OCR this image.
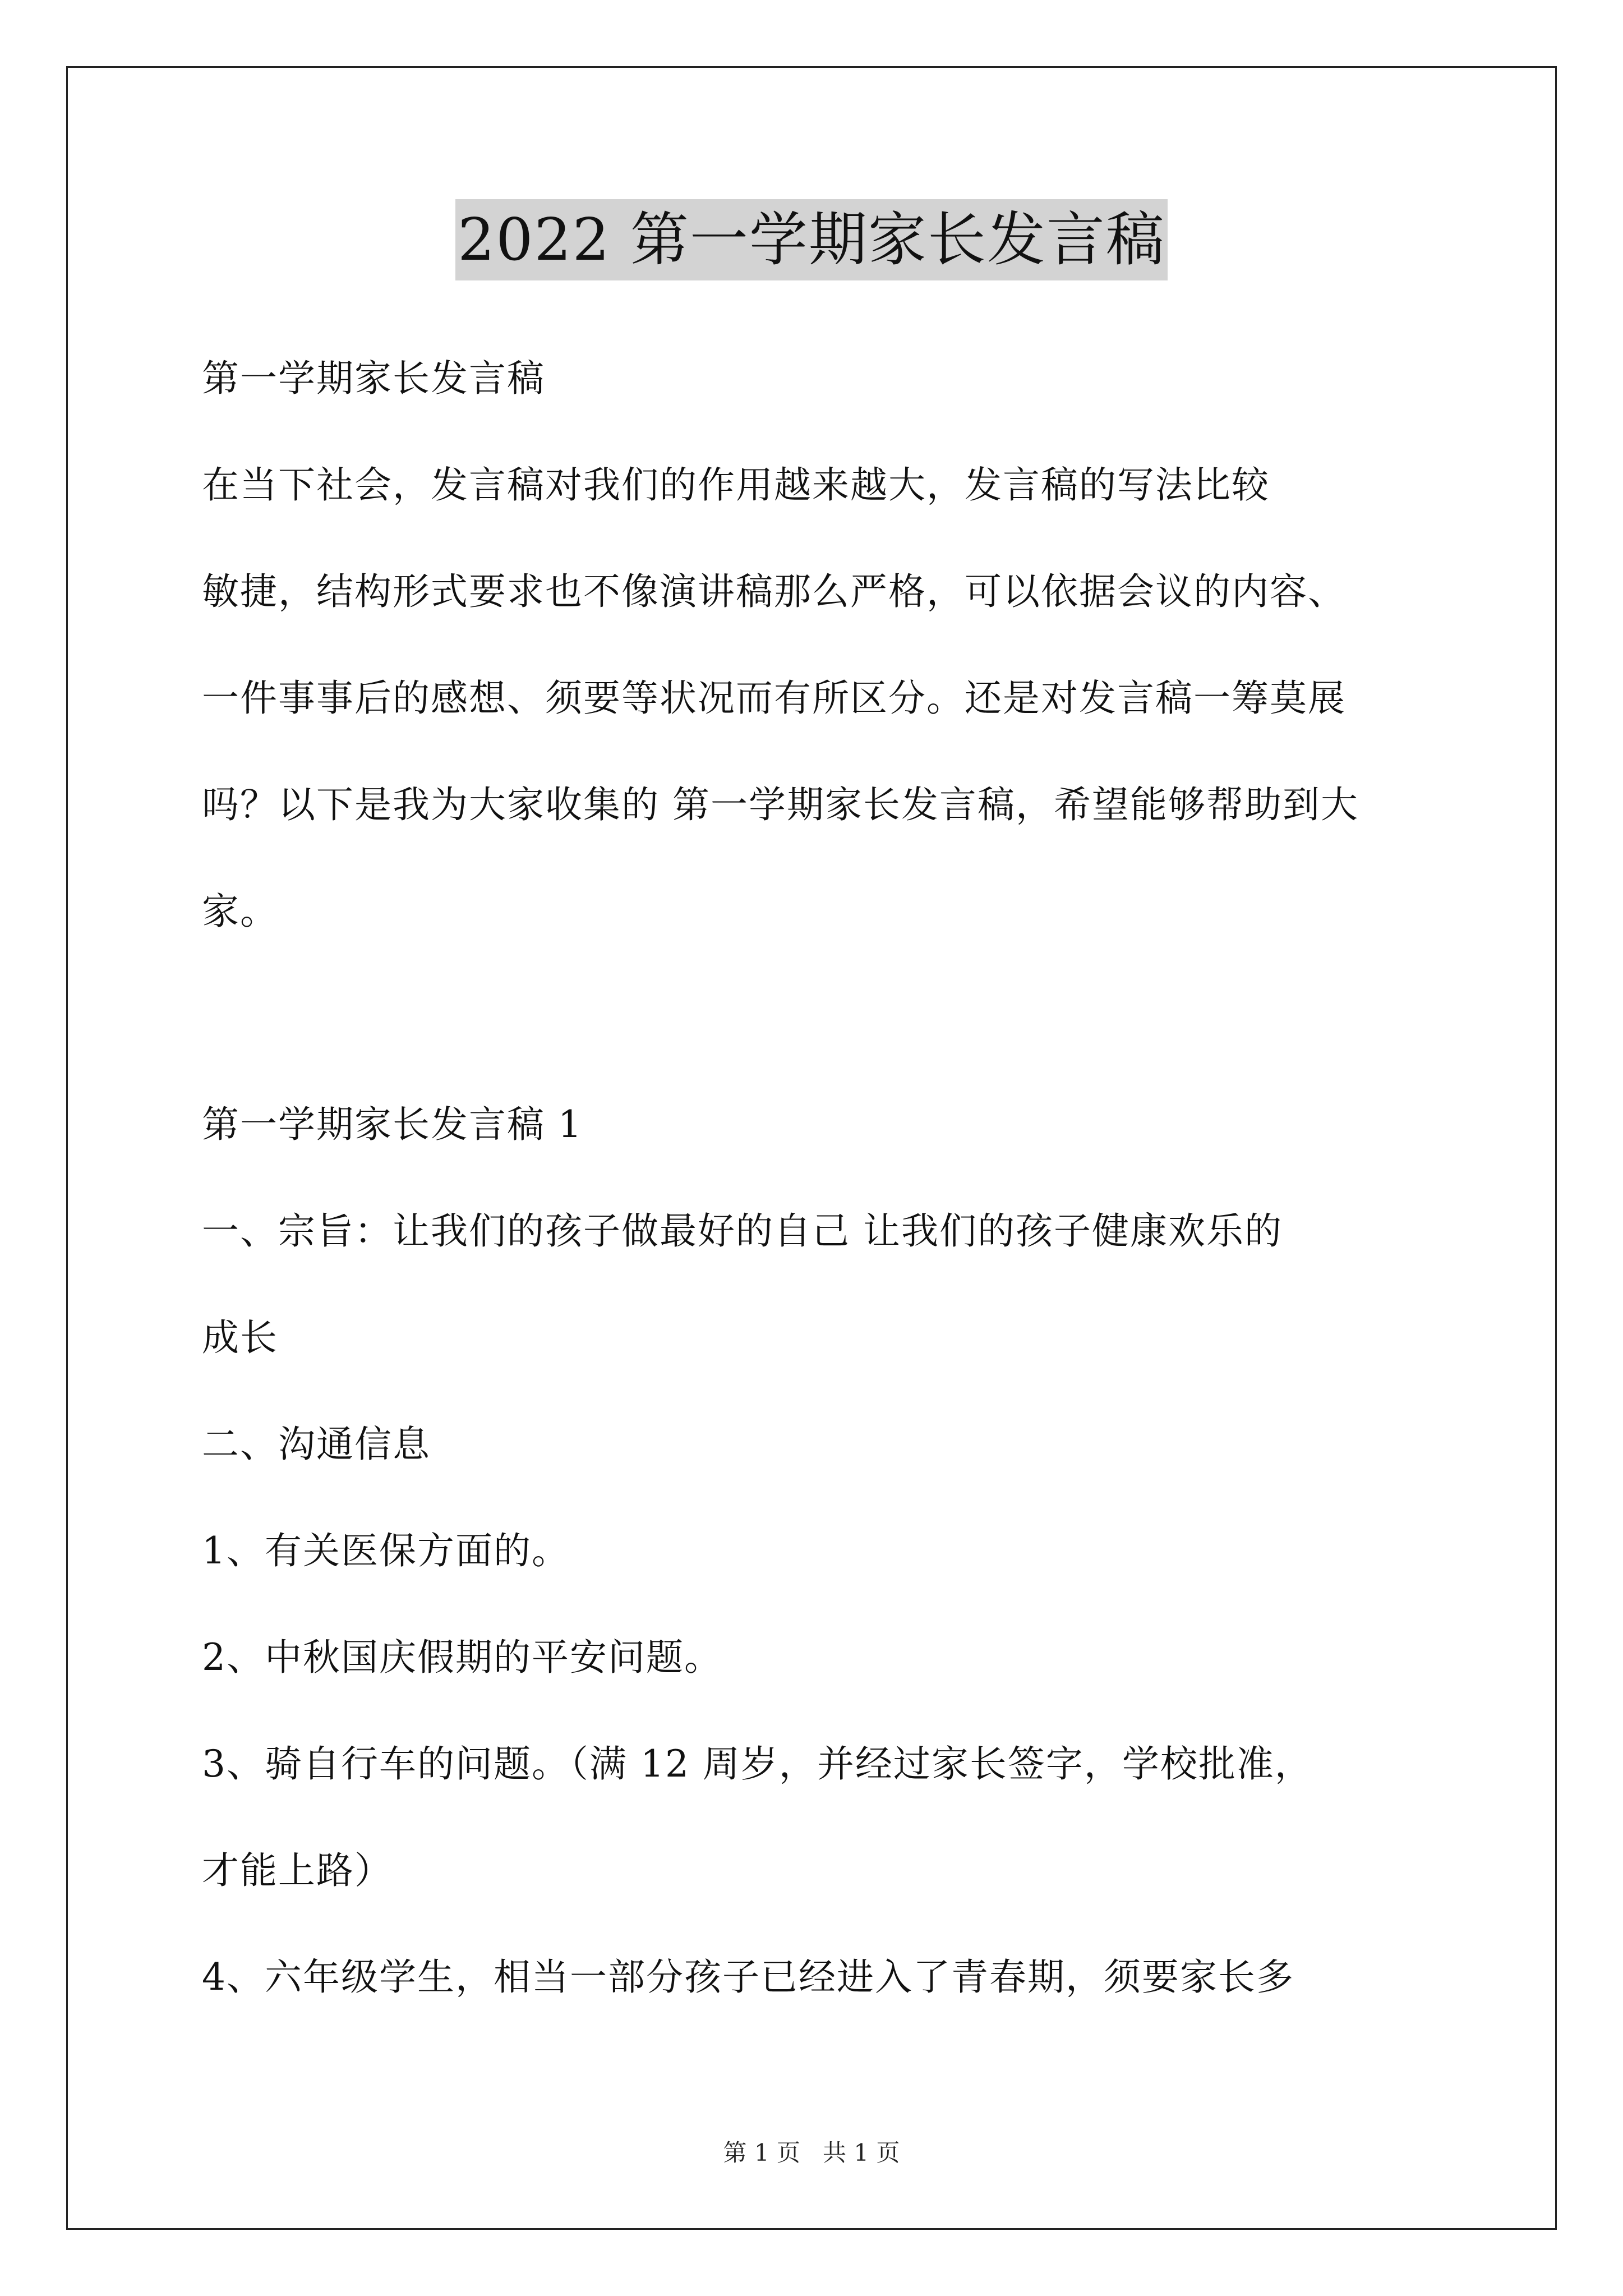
2022 第一学期家长发言稿
第一学期家长发言稿
在当下社会，发言稿对我们的作用越来越大，发言稿的写法比较
敏捷，结构形式要求也不像演讲稿那么严格，可以依据会议的内容、
一件事事后的感想、须要等状况而有所区分。还是对发言稿一筹莫展
吗？以下是我为大家收集的 第一学期家长发言稿，希望能够帮助到大
家。
第一学期家长发言稿 1
一、宗旨：让我们的孩子做最好的自己 让我们的孩子健康欢乐的
成长
二、沟通信息
1、有关医保方面的。
2、中秋国庆假期的平安问题。
3、骑自行车的问题。（满 12 周岁，并经过家长签字，学校批准，
才能上路）
4、六年级学生，相当一部分孩子已经进入了青春期，须要家长多
第 1 页   共 1 页
